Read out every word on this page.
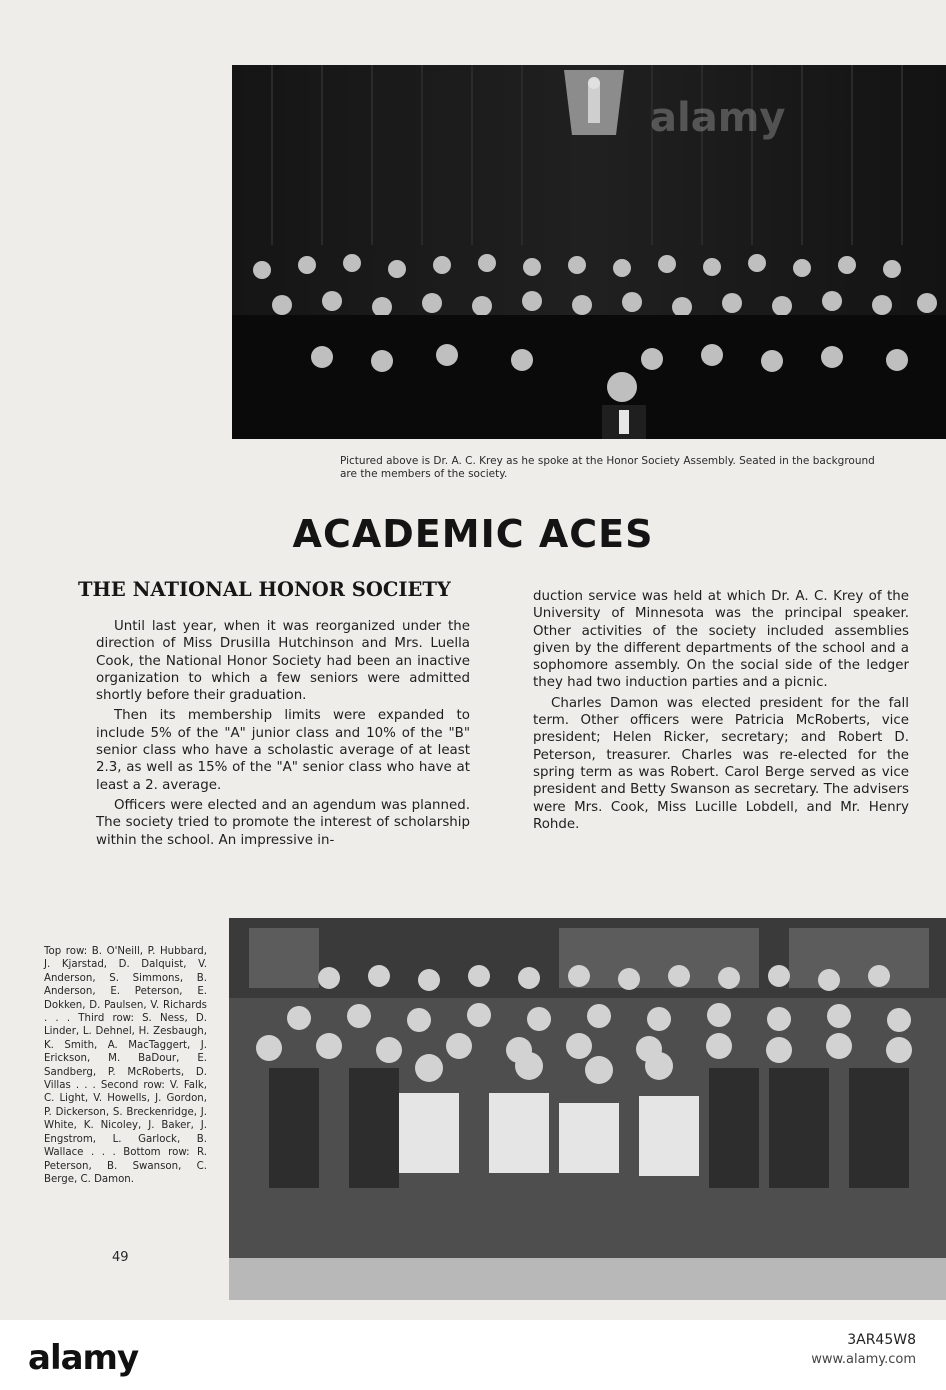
alamy
Pictured above is Dr. A. C. Krey as he spoke at the Honor Society Assembly. Seated in the background are the members of the society.
ACADEMIC ACES
THE NATIONAL HONOR SOCIETY

Until last year, when it was reorganized under the direction of Miss Drusilla Hutchinson and Mrs. Luella Cook, the National Honor Society had been an inactive organization to which a few seniors were admitted shortly before their graduation.

Then its membership limits were expanded to include 5% of the "A" junior class and 10% of the "B" senior class who have a scholastic average of at least 2.3, as well as 15% of the "A" senior class who have at least a 2. average.

Officers were elected and an agendum was planned. The society tried to promote the interest of scholarship within the school. An impressive in-

duction service was held at which Dr. A. C. Krey of the University of Minnesota was the principal speaker. Other activities of the society included assemblies given by the different departments of the school and a sophomore assembly. On the social side of the ledger they had two induction parties and a picnic.

Charles Damon was elected president for the fall term. Other officers were Patricia McRoberts, vice president; Helen Ricker, secretary; and Robert D. Peterson, treasurer. Charles was re-elected for the spring term as was Robert. Carol Berge served as vice president and Betty Swanson as secretary. The advisers were Mrs. Cook, Miss Lucille Lobdell, and Mr. Henry Rohde.

Top row: B. O'Neill, P. Hubbard, J. Kjarstad, D. Dalquist, V. Anderson, S. Simmons, B. Anderson, E. Peterson, E. Dokken, D. Paulsen, V. Richards . . . Third row: S. Ness, D. Linder, L. Dehnel, H. Zesbaugh, K. Smith, A. MacTaggert, J. Erickson, M. BaDour, E. Sandberg, P. McRoberts, D. Villas . . . Second row: V. Falk, C. Light, V. Howells, J. Gordon, P. Dickerson, S. Breckenridge, J. White, K. Nicoley, J. Baker, J. Engstrom, L. Garlock, B. Wallace . . . Bottom row: R. Peterson, B. Swanson, C. Berge, C. Damon.
49
alamy	3AR45W8
www.alamy.com
